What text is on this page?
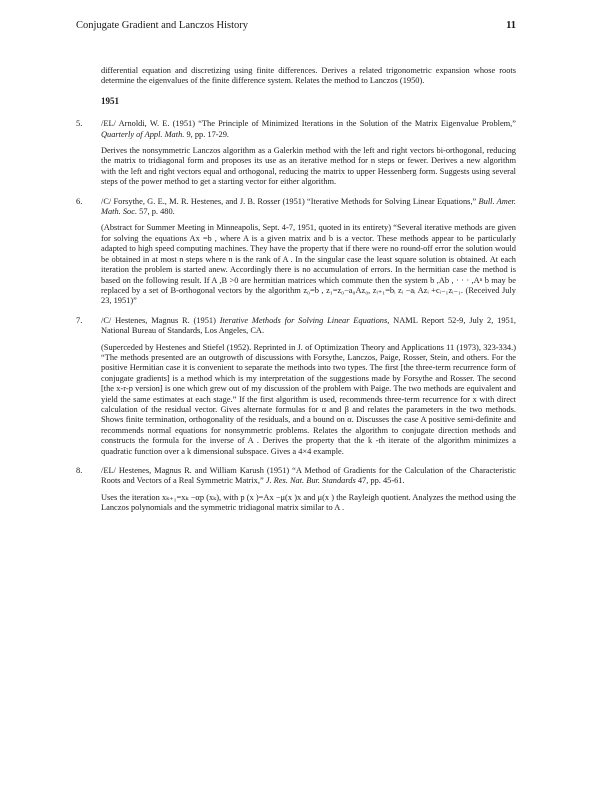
Conjugate Gradient and Lanczos History	11

differential equation and discretizing using finite differences. Derives a related trigonometric expansion whose roots determine the eigenvalues of the finite difference system. Relates the method to Lanczos (1950).

1951
5.	/EL/ Arnoldi, W. E. (1951) “The Principle of Minimized Iterations in the Solution of the Matrix Eigenvalue Problem,” Quarterly of Appl. Math. 9, pp. 17-29.

Derives the nonsymmetric Lanczos algorithm as a Galerkin method with the left and right vectors bi-orthogonal, reducing the matrix to tridiagonal form and proposes its use as an iterative method for n steps or fewer. Derives a new algorithm with the left and right vectors equal and orthogonal, reducing the matrix to upper Hessenberg form. Suggests using several steps of the power method to get a starting vector for either algorithm.

6.	/C/ Forsythe, G. E., M. R. Hestenes, and J. B. Rosser (1951) “Iterative Methods for Solving Linear Equations,” Bull. Amer. Math. Soc. 57, p. 480.

(Abstract for Summer Meeting in Minneapolis, Sept. 4-7, 1951, quoted in its entirety) “Several iterative methods are given for solving the equations Ax =b , where A is a given matrix and b is a vector. These methods appear to be particularly adapted to high speed computing machines. They have the property that if there were no round-off error the solution would be obtained in at most n steps where n is the rank of A . In the singular case the least square solution is obtained. At each iteration the problem is started anew. Accordingly there is no accumulation of errors. In the hermitian case the method is based on the following result. If A ,B >0 are hermitian matrices which commute then the system b ,Ab , · · · ,Aⁿ b may be replaced by a set of B-orthogonal vectors by the algorithm z₀=b , z₁=z₀−a₀Az₀, zᵢ₊₁=bᵢ zᵢ −aᵢ Azᵢ +cᵢ₋₁zᵢ₋₁. (Received July 23, 1951)”

7.	/C/ Hestenes, Magnus R. (1951) Iterative Methods for Solving Linear Equations, NAML Report 52-9, July 2, 1951, National Bureau of Standards, Los Angeles, CA.

(Superceded by Hestenes and Stiefel (1952). Reprinted in J. of Optimization Theory and Applications 11 (1973), 323-334.) “The methods presented are an outgrowth of discussions with Forsythe, Lanczos, Paige, Rosser, Stein, and others. For the positive Hermitian case it is convenient to separate the methods into two types. The first [the three-term recurrence form of conjugate gradients] is a method which is my interpretation of the suggestions made by Forsythe and Rosser. The second [the x-r-p version] is one which grew out of my discussion of the problem with Paige. The two methods are equivalent and yield the same estimates at each stage.” If the first algorithm is used, recommends three-term recurrence for x with direct calculation of the residual vector. Gives alternate formulas for α and β and relates the parameters in the two methods. Shows finite termination, orthogonality of the residuals, and a bound on α. Discusses the case A positive semi-definite and recommends normal equations for nonsymmetric problems. Relates the algorithm to conjugate direction methods and constructs the formula for the inverse of A . Derives the property that the k -th iterate of the algorithm minimizes a quadratic function over a k dimensional subspace. Gives a 4×4 example.

8.	/EL/ Hestenes, Magnus R. and William Karush (1951) “A Method of Gradients for the Calculation of the Characteristic Roots and Vectors of a Real Symmetric Matrix,” J. Res. Nat. Bur. Standards 47, pp. 45-61.

Uses the iteration xₖ₊₁=xₖ −αp (xₖ), with p (x )=Ax −μ(x )x and μ(x ) the Rayleigh quotient. Analyzes the method using the Lanczos polynomials and the symmetric tridiagonal matrix similar to A .
